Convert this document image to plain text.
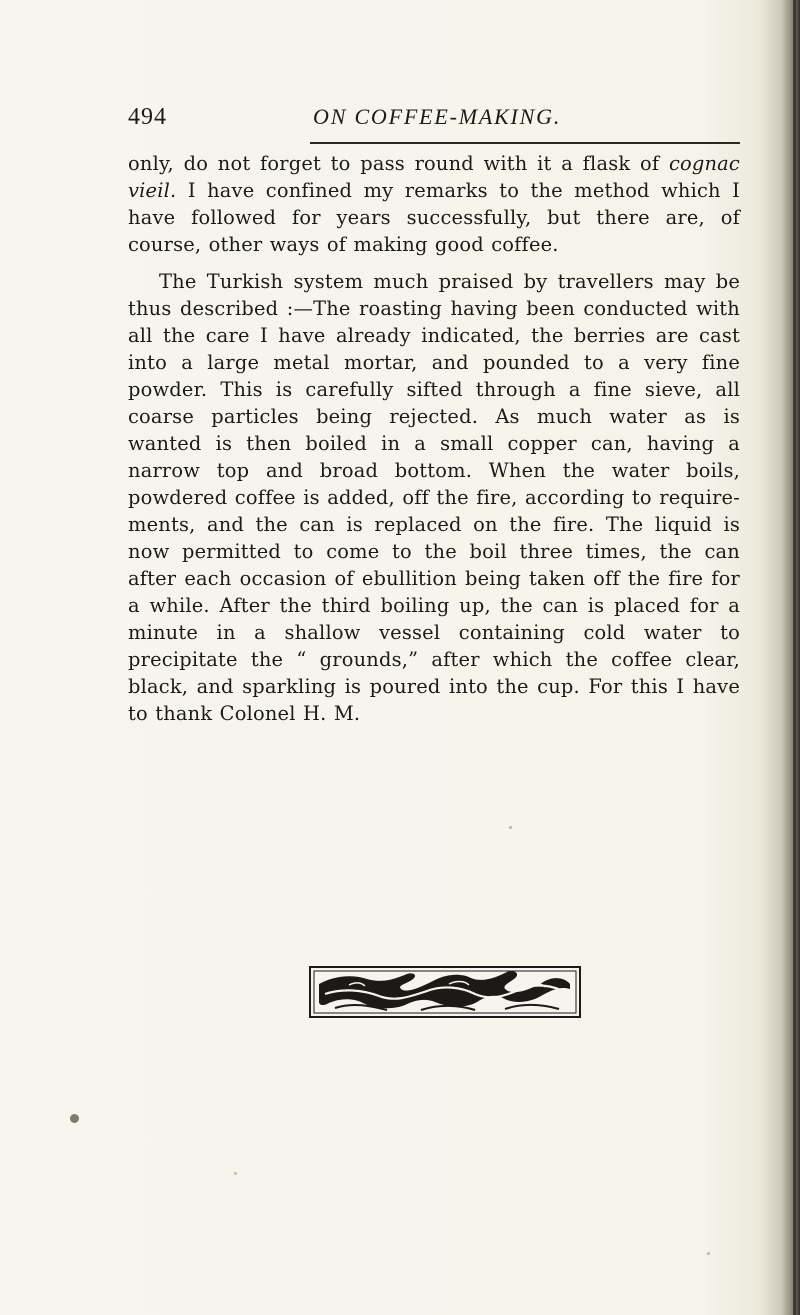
494	ON COFFEE-MAKING.

only, do not forget to pass round with it a flask of cognac vieil. I have confined my remarks to the method which I have followed for years successfully, but there are, of course, other ways of making good coffee.

The Turkish system much praised by travellers may be thus described :—The roasting having been conducted with all the care I have already indicated, the berries are cast into a large metal mortar, and pounded to a very fine powder. This is carefully sifted through a fine sieve, all coarse particles being rejected. As much water as is wanted is then boiled in a small copper can, having a narrow top and broad bottom. When the water boils, powdered coffee is added, off the fire, according to require-ments, and the can is replaced on the fire. The liquid is now permitted to come to the boil three times, the can after each occasion of ebullition being taken off the fire for a while. After the third boiling up, the can is placed for a minute in a shallow vessel containing cold water to precipitate the “ grounds,” after which the coffee clear, black, and sparkling is poured into the cup. For this I have to thank Colonel H. M.
